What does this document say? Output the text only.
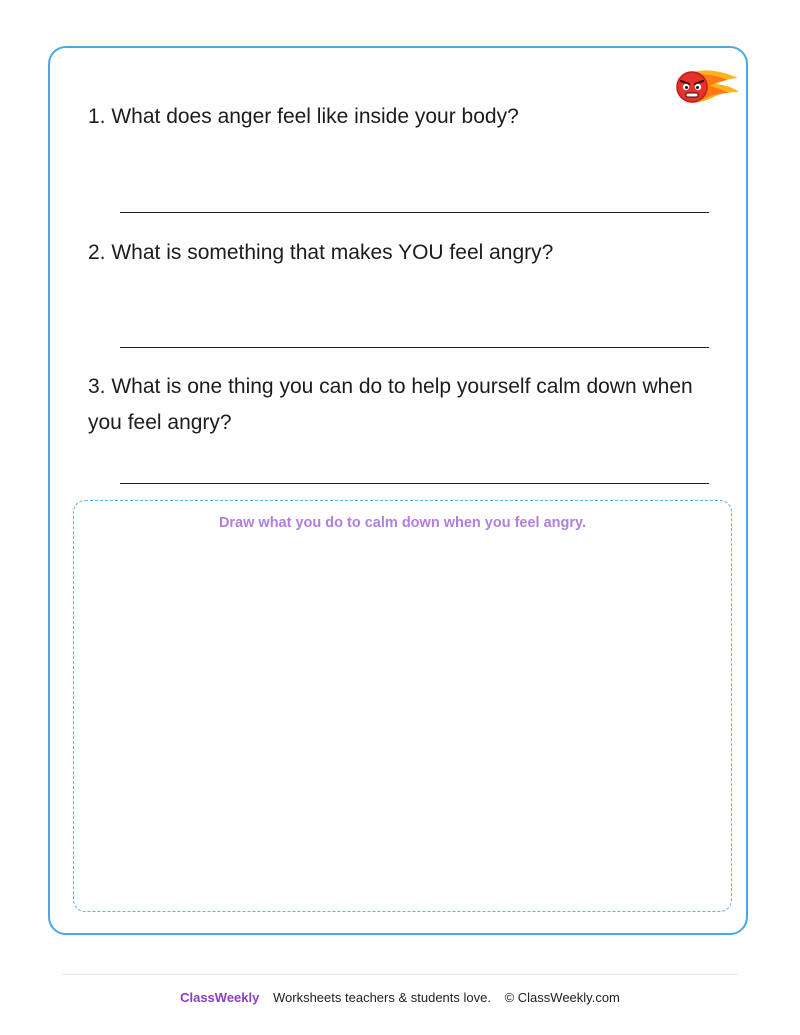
1. What does anger feel like inside your body?

2. What is something that makes YOU feel angry?

3. What is one thing you can do to help yourself calm down when you feel angry?

Draw what you do to calm down when you feel angry.

ClassWeekly Worksheets teachers & students love. © ClassWeekly.com
